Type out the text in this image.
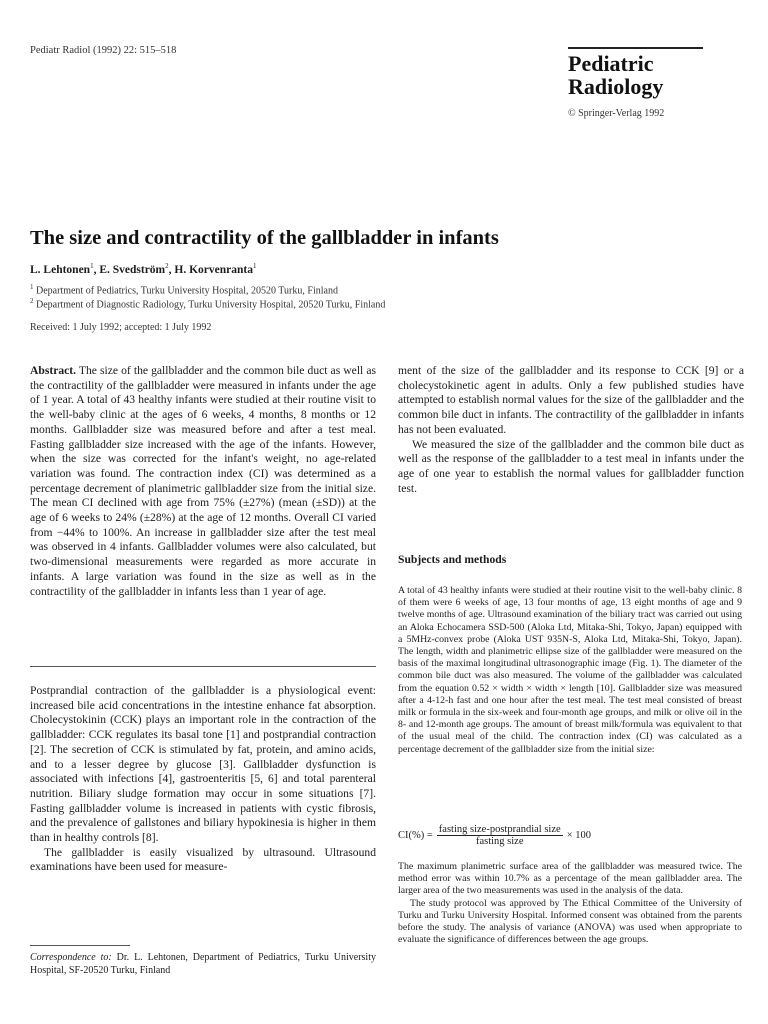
Pediatr Radiol (1992) 22: 515–518
Pediatric
Radiology
© Springer-Verlag 1992
The size and contractility of the gallbladder in infants
L. Lehtonen$^1$, E. Svedström$^2$, H. Korvenranta$^1$
$^1$ Department of Pediatrics, Turku University Hospital, 20520 Turku, Finland
$^2$ Department of Diagnostic Radiology, Turku University Hospital, 20520 Turku, Finland
Received: 1 July 1992; accepted: 1 July 1992

Abstract. The size of the gallbladder and the common bile duct as well as the contractility of the gallbladder were measured in infants under the age of 1 year. A total of 43 healthy infants were studied at their routine visit to the well-baby clinic at the ages of 6 weeks, 4 months, 8 months or 12 months. Gallbladder size was measured before and after a test meal. Fasting gallbladder size increased with the age of the infants. However, when the size was corrected for the infant's weight, no age-related variation was found. The contraction index (CI) was determined as a percentage decrement of planimetric gallbladder size from the initial size. The mean CI declined with age from 75% (±27%) (mean (±SD)) at the age of 6 weeks to 24% (±28%) at the age of 12 months. Overall CI varied from −44% to 100%. An increase in gallbladder size after the test meal was observed in 4 infants. Gallbladder volumes were also calculated, but two-dimensional measurements were regarded as more accurate in infants. A large variation was found in the size as well as in the contractility of the gallbladder in infants less than 1 year of age.

Postprandial contraction of the gallbladder is a physiological event: increased bile acid concentrations in the intestine enhance fat absorption. Cholecystokinin (CCK) plays an important role in the contraction of the gallbladder: CCK regulates its basal tone [1] and postprandial contraction [2]. The secretion of CCK is stimulated by fat, protein, and amino acids, and to a lesser degree by glucose [3]. Gallbladder dysfunction is associated with infections [4], gastroenteritis [5, 6] and total parenteral nutrition. Biliary sludge formation may occur in some situations [7]. Fasting gallbladder volume is increased in patients with cystic fibrosis, and the prevalence of gallstones and biliary hypokinesia is higher in them than in healthy controls [8].

The gallbladder is easily visualized by ultrasound. Ultrasound examinations have been used for measure-

Correspondence to: Dr. L. Lehtonen, Department of Pediatrics, Turku University Hospital, SF-20520 Turku, Finland

ment of the size of the gallbladder and its response to CCK [9] or a cholecystokinetic agent in adults. Only a few published studies have attempted to establish normal values for the size of the gallbladder and the common bile duct in infants. The contractility of the gallbladder in infants has not been evaluated.

We measured the size of the gallbladder and the common bile duct as well as the response of the gallbladder to a test meal in infants under the age of one year to establish the normal values for gallbladder function test.

Subjects and methods

A total of 43 healthy infants were studied at their routine visit to the well-baby clinic. 8 of them were 6 weeks of age, 13 four months of age, 13 eight months of age and 9 twelve months of age. Ultrasound examination of the biliary tract was carried out using an Aloka Echocamera SSD-500 (Aloka Ltd, Mitaka-Shi, Tokyo, Japan) equipped with a 5MHz-convex probe (Aloka UST 935N-S, Aloka Ltd, Mitaka-Shi, Tokyo, Japan). The length, width and planimetric ellipse size of the gallbladder were measured on the basis of the maximal longitudinal ultrasonographic image (Fig. 1). The diameter of the common bile duct was also measured. The volume of the gallbladder was calculated from the equation 0.52 × width × width × length [10]. Gallbladder size was measured after a 4-12-h fast and one hour after the test meal. The test meal consisted of breast milk or formula in the six-week and four-month age groups, and milk or olive oil in the 8- and 12-month age groups. The amount of breast milk/formula was equivalent to that of the usual meal of the child. The contraction index (CI) was calculated as a percentage decrement of the gallbladder size from the initial size:

$CI(\%) = \frac{\text{fasting size-postprandial size}}{\text{fasting size}} \times 100$

The maximum planimetric surface area of the gallbladder was measured twice. The method error was within 10.7% as a percentage of the mean gallbladder area. The larger area of the two measurements was used in the analysis of the data.

The study protocol was approved by The Ethical Committee of the University of Turku and Turku University Hospital. Informed consent was obtained from the parents before the study. The analysis of variance (ANOVA) was used when appropriate to evaluate the significance of differences between the age groups.
